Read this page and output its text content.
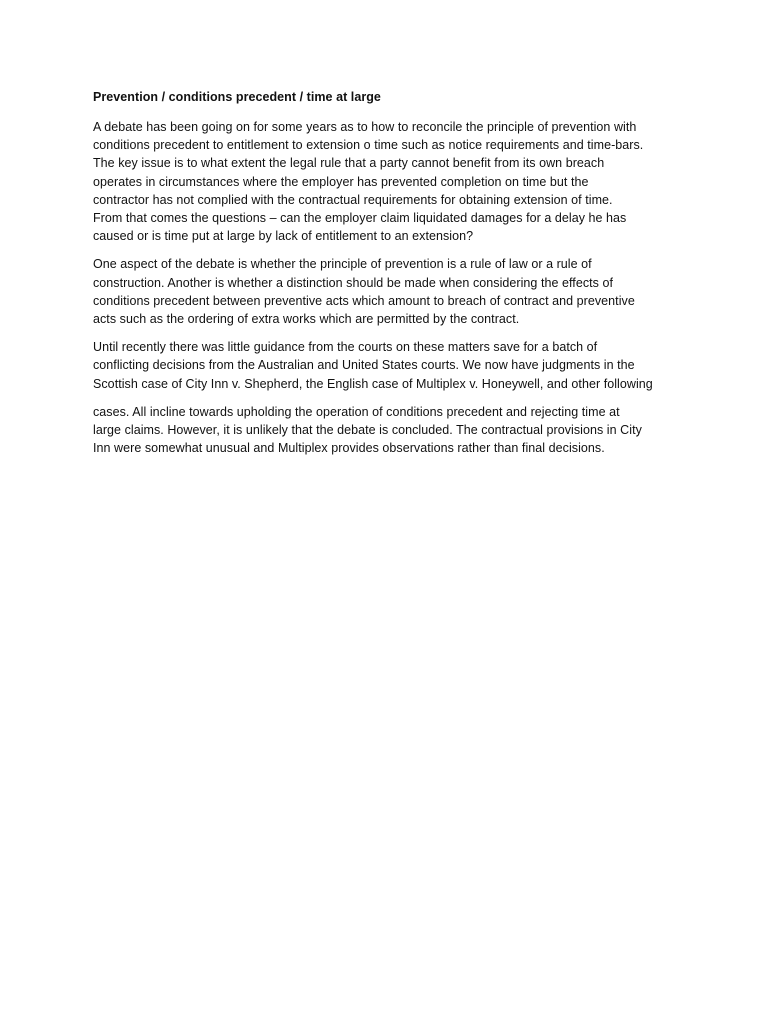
Prevention / conditions precedent / time at large
A debate has been going on for some years as to how to reconcile the principle of prevention with
conditions precedent to entitlement to extension o time such as notice requirements and time-bars.
The key issue is to what extent the legal rule that a party cannot benefit from its own breach
operates in circumstances where the employer has prevented completion on time but the
contractor has not complied with the contractual requirements for obtaining extension of time.
From that comes the questions – can the employer claim liquidated damages for a delay he has
caused or is time put at large by lack of entitlement to an extension?
One aspect of the debate is whether the principle of prevention is a rule of law or a rule of
construction. Another is whether a distinction should be made when considering the effects of
conditions precedent between preventive acts which amount to breach of contract and preventive
acts such as the ordering of extra works which are permitted by the contract.
Until recently there was little guidance from the courts on these matters save for a batch of
conflicting decisions from the Australian and United States courts. We now have judgments in the
Scottish case of City Inn v. Shepherd, the English case of Multiplex v. Honeywell, and other following
cases. All incline towards upholding the operation of conditions precedent and rejecting time at
large claims. However, it is unlikely that the debate is concluded. The contractual provisions in City
Inn were somewhat unusual and Multiplex provides observations rather than final decisions.
